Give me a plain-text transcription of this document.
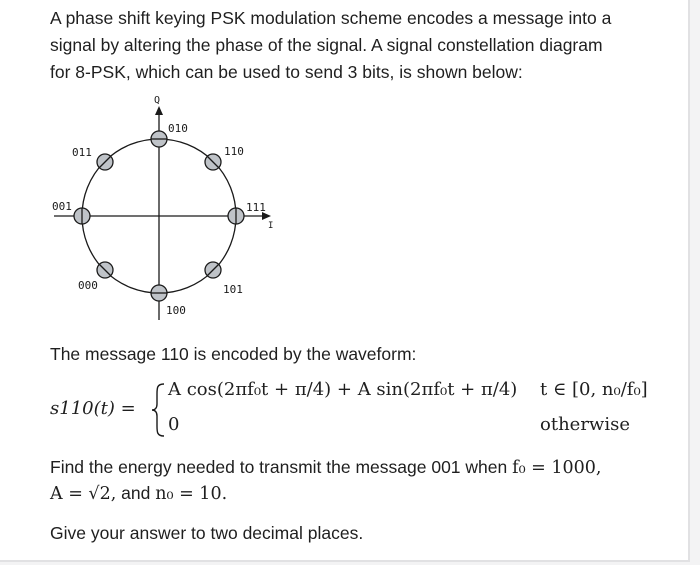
A phase shift keying PSK modulation scheme encodes a message into a

signal by altering the phase of the signal. A signal constellation diagram

for 8-PSK, which can be used to send 3 bits, is shown below:

Q
I
010
110
111
101
100
000
001
011

The message 110 is encoded by the waveform:

s110(t) =
A cos(2πf₀t + π/4) + A sin(2πf₀t + π/4) t ∈ [0, n₀/f₀]
0	otherwise

Find the energy needed to transmit the message 001 when f₀ = 1000,

A = √2, and n₀ = 10.

Give your answer to two decimal places.
